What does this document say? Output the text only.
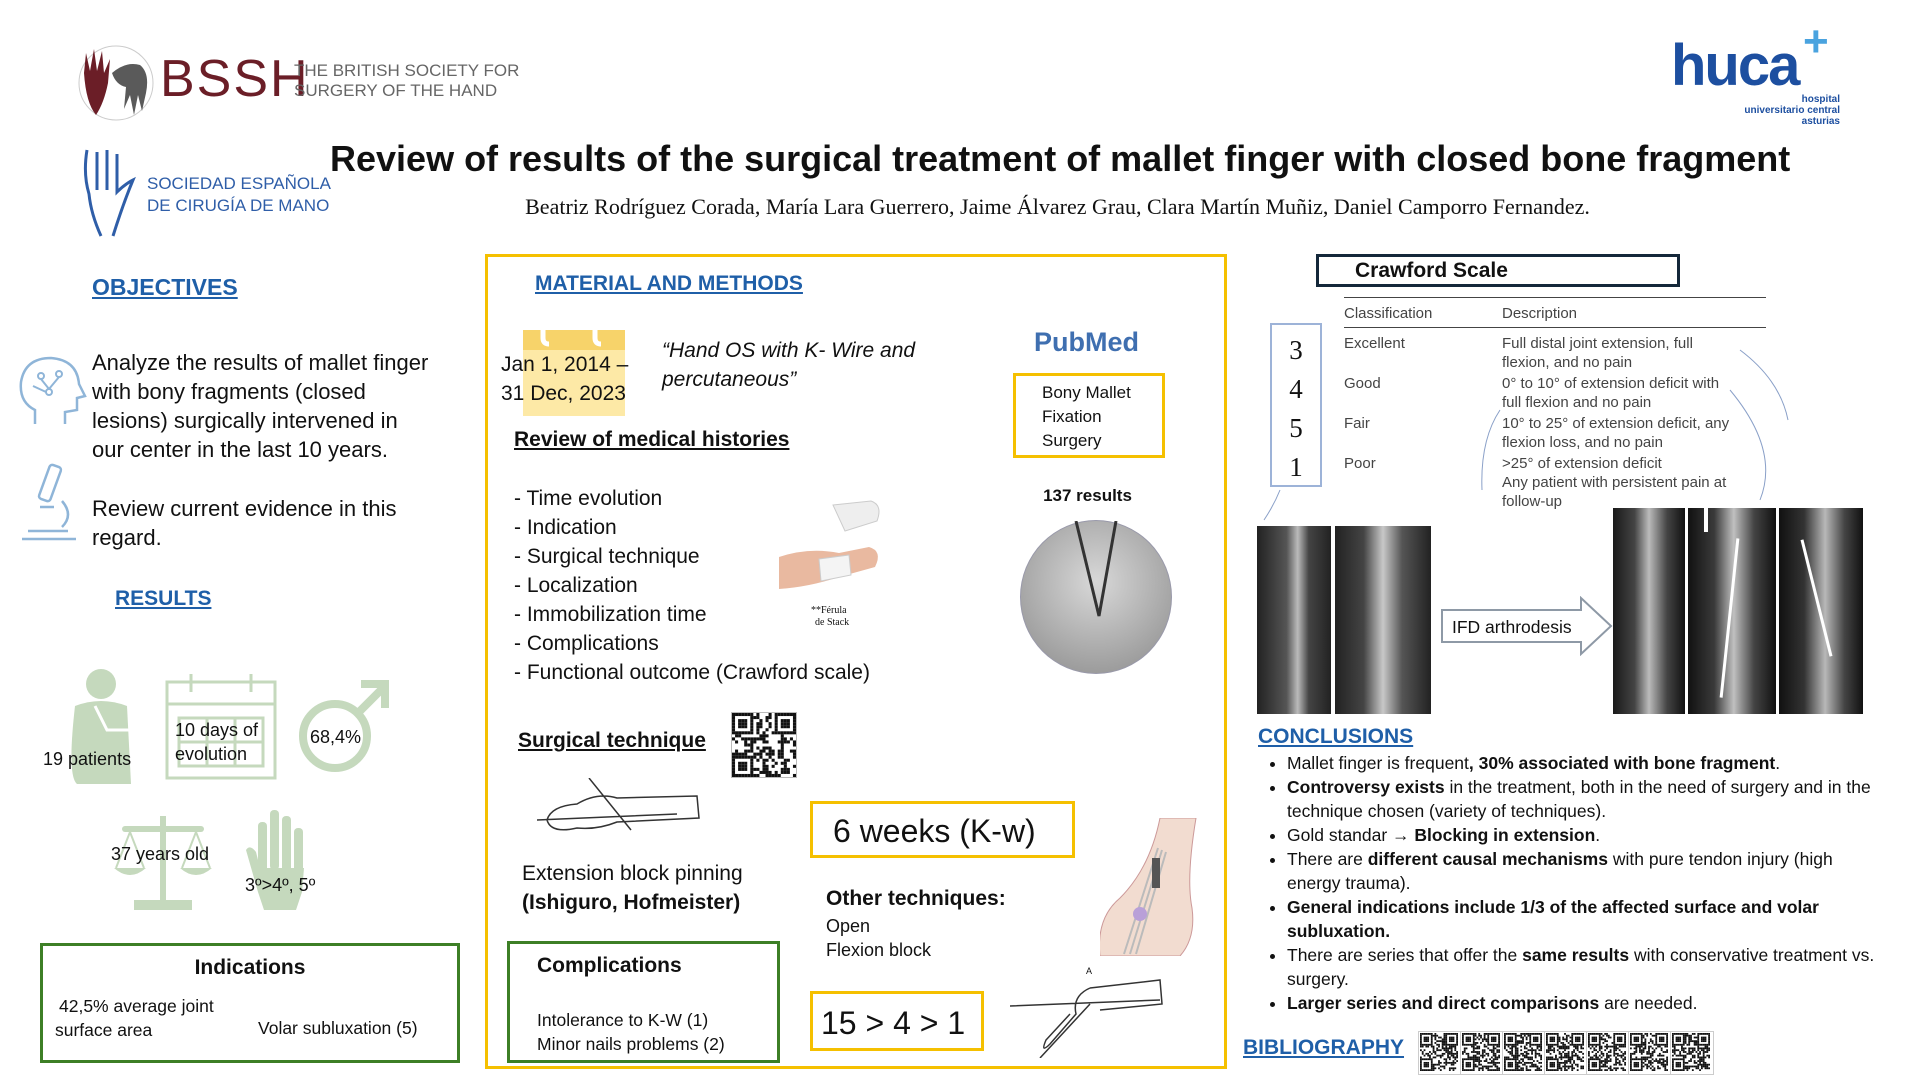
BSSH
THE BRITISH SOCIETY FOR
SURGERY OF THE HAND
SOCIEDAD ESPAÑOLA
DE CIRUGÍA DE MANO
huca +
hospital
universitario central
asturias
Review of results of the surgical treatment of mallet finger with closed bone fragment
Beatriz Rodríguez Corada, María Lara Guerrero, Jaime Álvarez Grau, Clara Martín Muñiz, Daniel Camporro Fernandez.
OBJECTIVES
Analyze the results of mallet finger
with bony fragments (closed
lesions) surgically intervened in
our center in the last 10 years.
Review current evidence in this
regard.
RESULTS
19 patients
10 days of
evolution
68,4%
37 years old
3º>4º, 5º
Indications
42,5% average joint
surface area	Volar subluxation (5)
MATERIAL AND METHODS
Jan 1, 2014 –
31 Dec, 2023
“Hand OS with K- Wire and
percutaneous”
PubMed
Bony Mallet
Fixation
Surgery
137 results
Review of medical histories
- Time evolution
- Indication
- Surgical technique
- Localization
- Immobilization time
- Complications
- Functional outcome (Crawford scale)
**Férula
de Stack
Surgical technique
Extension block pinning
(Ishiguro, Hofmeister)
6 weeks (K-w)
Other techniques:
Open
Flexion block
A
Complications
Intolerance to K-W (1)
Minor nails problems (2)
15 > 4 > 1
Crawford Scale
3
4
5
1
Classification	Description
Excellent	Full distal joint extension, full
flexion, and no pain

Good	0° to 10° of extension deficit with
full flexion and no pain

Fair	10° to 25° of extension deficit, any
flexion loss, and no pain

Poor	>25° of extension deficit
Any patient with persistent pain at
follow-up
IFD arthrodesis
CONCLUSIONS
• Mallet finger is frequent, 30% associated with bone fragment.
• Controversy exists in the treatment, both in the need of surgery and in the technique chosen (variety of techniques).
• Gold standar → Blocking in extension.
• There are different causal mechanisms with pure tendon injury (high energy trauma).
• General indications include 1/3 of the affected surface and volar subluxation.
• There are series that offer the same results with conservative treatment vs. surgery.
• Larger series and direct comparisons are needed.
BIBLIOGRAPHY
